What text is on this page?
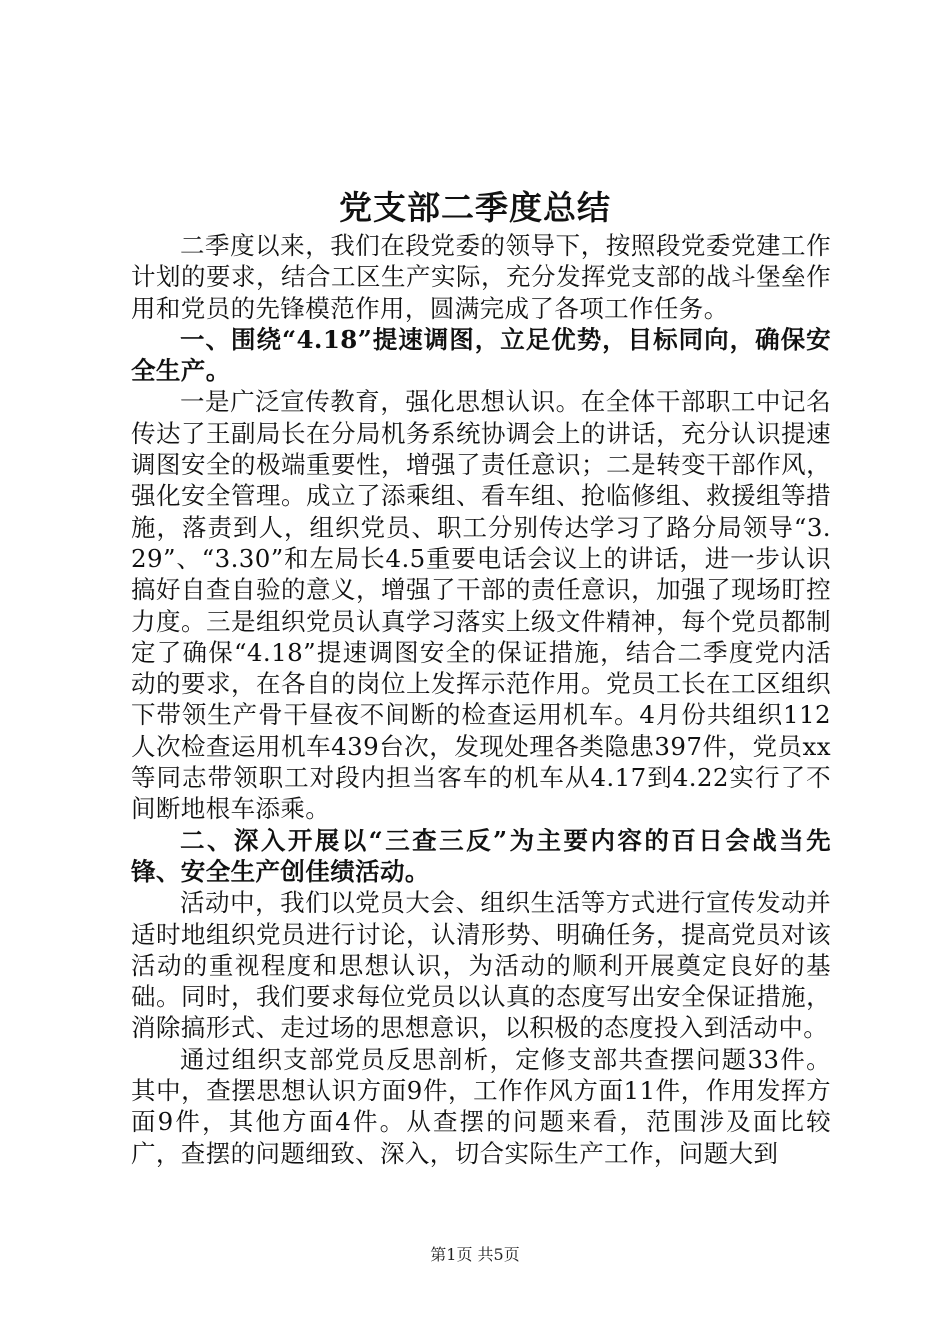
党支部二季度总结

二季度以来，我们在段党委的领导下，按照段党委党建工作计划的要求，结合工区生产实际，充分发挥党支部的战斗堡垒作用和党员的先锋模范作用，圆满完成了各项工作任务。

一、围绕“4.18”提速调图，立足优势，目标同向，确保安全生产。

一是广泛宣传教育，强化思想认识。在全体干部职工中记名传达了王副局长在分局机务系统协调会上的讲话，充分认识提速调图安全的极端重要性，增强了责任意识；二是转变干部作风，强化安全管理。成立了添乘组、看车组、抢临修组、救援组等措施，落责到人，组织党员、职工分别传达学习了路分局领导“3.29”、“3.30”和左局长4.5重要电话会议上的讲话，进一步认识搞好自查自验的意义，增强了干部的责任意识，加强了现场盯控力度。三是组织党员认真学习落实上级文件精神，每个党员都制定了确保“4.18”提速调图安全的保证措施，结合二季度党内活动的要求，在各自的岗位上发挥示范作用。党员工长在工区组织下带领生产骨干昼夜不间断的检查运用机车。4月份共组织112人次检查运用机车439台次，发现处理各类隐患397件，党员xx等同志带领职工对段内担当客车的机车从4.17到4.22实行了不间断地根车添乘。

二、深入开展以“三查三反”为主要内容的百日会战当先锋、安全生产创佳绩活动。

活动中，我们以党员大会、组织生活等方式进行宣传发动并适时地组织党员进行讨论，认清形势、明确任务，提高党员对该活动的重视程度和思想认识，为活动的顺利开展奠定良好的基础。同时，我们要求每位党员以认真的态度写出安全保证措施，消除搞形式、走过场的思想意识，以积极的态度投入到活动中。

通过组织支部党员反思剖析，定修支部共查摆问题33件。其中，查摆思想认识方面9件，工作作风方面11件，作用发挥方面9件，其他方面4件。从查摆的问题来看，范围涉及面比较广，查摆的问题细致、深入，切合实际生产工作，问题大到

第1页 共5页
